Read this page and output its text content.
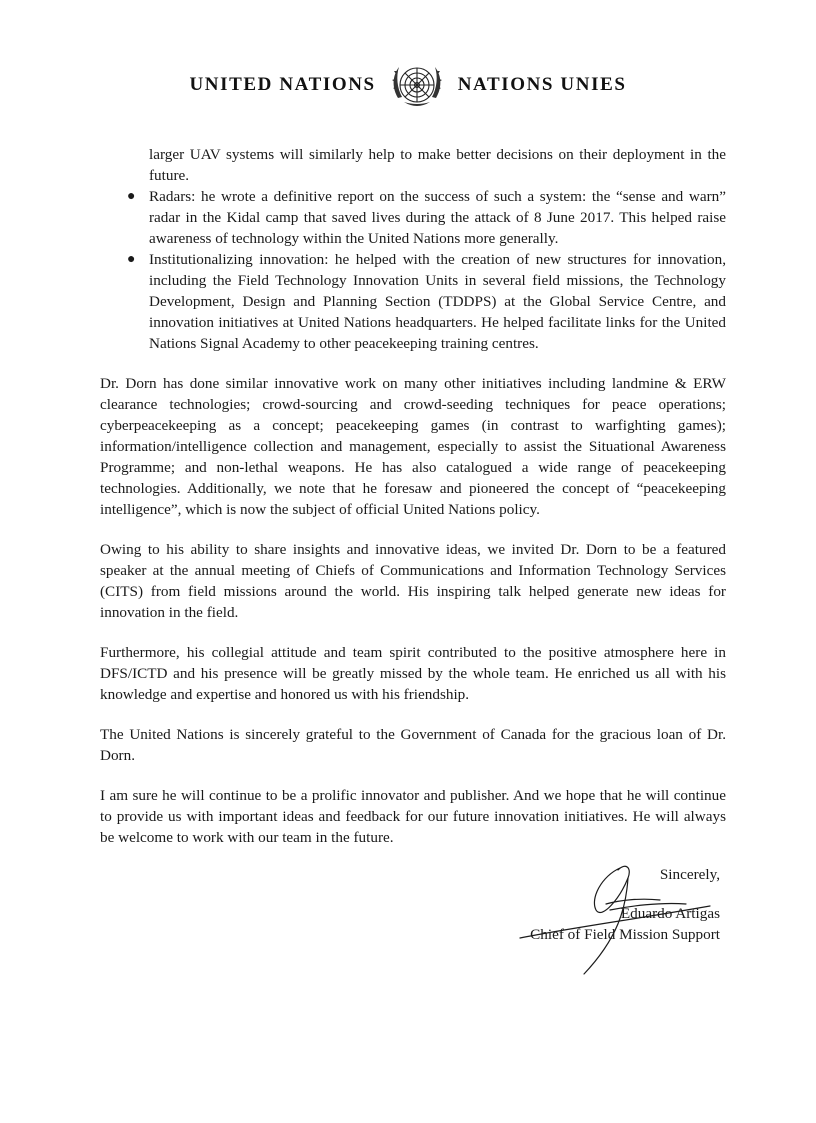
UNITED NATIONS	NATIONS UNIES

larger UAV systems will similarly help to make better decisions on their deployment in the future.

● Radars: he wrote a definitive report on the success of such a system: the “sense and warn” radar in the Kidal camp that saved lives during the attack of 8 June 2017. This helped raise awareness of technology within the United Nations more generally.
● Institutionalizing innovation: he helped with the creation of new structures for innovation, including the Field Technology Innovation Units in several field missions, the Technology Development, Design and Planning Section (TDDPS) at the Global Service Centre, and innovation initiatives at United Nations headquarters. He helped facilitate links for the United Nations Signal Academy to other peacekeeping training centres.

Dr. Dorn has done similar innovative work on many other initiatives including landmine & ERW clearance technologies; crowd-sourcing and crowd-seeding techniques for peace operations; cyberpeacekeeping as a concept; peacekeeping games (in contrast to warfighting games); information/intelligence collection and management, especially to assist the Situational Awareness Programme; and non-lethal weapons. He has also catalogued a wide range of peacekeeping technologies. Additionally, we note that he foresaw and pioneered the concept of “peacekeeping intelligence”, which is now the subject of official United Nations policy.

Owing to his ability to share insights and innovative ideas, we invited Dr. Dorn to be a featured speaker at the annual meeting of Chiefs of Communications and Information Technology Services (CITS) from field missions around the world. His inspiring talk helped generate new ideas for innovation in the field.

Furthermore, his collegial attitude and team spirit contributed to the positive atmosphere here in DFS/ICTD and his presence will be greatly missed by the whole team. He enriched us all with his knowledge and expertise and honored us with his friendship.

The United Nations is sincerely grateful to the Government of Canada for the gracious loan of Dr. Dorn.

I am sure he will continue to be a prolific innovator and publisher. And we hope that he will continue to provide us with important ideas and feedback for our future innovation initiatives. He will always be welcome to work with our team in the future.

Sincerely,
Eduardo Artigas
Chief of Field Mission Support
